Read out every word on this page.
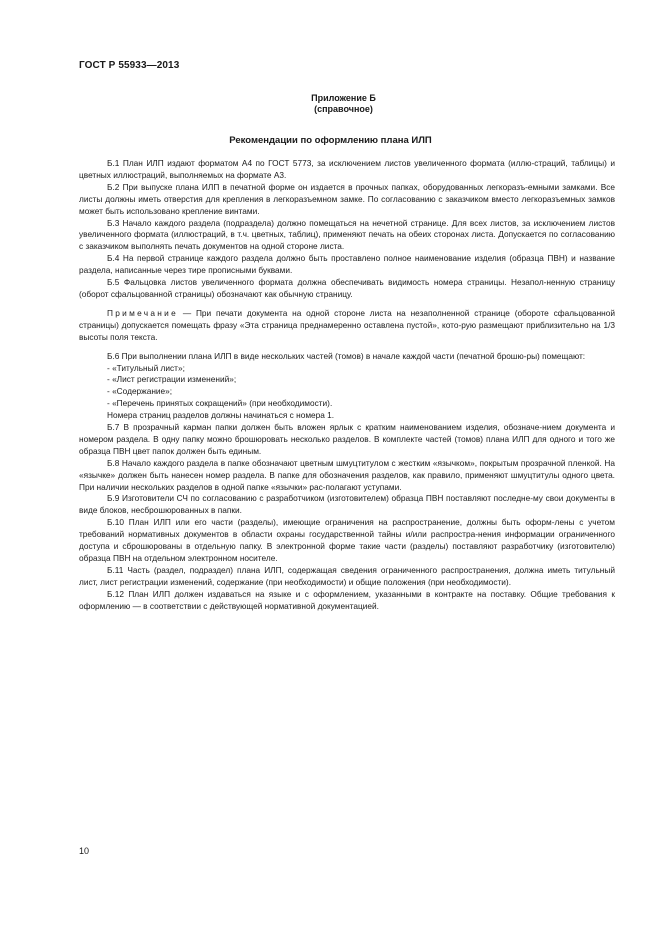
ГОСТ Р 55933—2013
Приложение Б
(справочное)
Рекомендации по оформлению плана ИЛП

Б.1 План ИЛП издают форматом А4 по ГОСТ 5773, за исключением листов увеличенного формата (иллю-страций, таблицы) и цветных иллюстраций, выполняемых на формате А3.

Б.2 При выпуске плана ИЛП в печатной форме он издается в прочных папках, оборудованных легкоразъ-емными замками. Все листы должны иметь отверстия для крепления в легкоразъемном замке. По согласованию с заказчиком вместо легкоразъемных замков может быть использовано крепление винтами.

Б.3 Начало каждого раздела (подраздела) должно помещаться на нечетной странице. Для всех листов, за исключением листов увеличенного формата (иллюстраций, в т.ч. цветных, таблиц), применяют печать на обеих сторонах листа. Допускается по согласованию с заказчиком выполнять печать документов на одной стороне листа.

Б.4 На первой странице каждого раздела должно быть проставлено полное наименование изделия (образца ПВН) и название раздела, написанные через тире прописными буквами.

Б.5 Фальцовка листов увеличенного формата должна обеспечивать видимость номера страницы. Незапол-ненную страницу (оборот сфальцованной страницы) обозначают как обычную страницу.

Примечание — При печати документа на одной стороне листа на незаполненной странице (обороте сфальцованной страницы) допускается помещать фразу «Эта страница преднамеренно оставлена пустой», кото-рую размещают приблизительно на 1/3 высоты поля текста.

Б.6 При выполнении плана ИЛП в виде нескольких частей (томов) в начале каждой части (печатной брошю-ры) помещают:

- «Титульный лист»;

- «Лист регистрации изменений»;

- «Содержание»;

- «Перечень принятых сокращений» (при необходимости).

Номера страниц разделов должны начинаться с номера 1.

Б.7 В прозрачный карман папки должен быть вложен ярлык с кратким наименованием изделия, обозначе-нием документа и номером раздела. В одну папку можно брошюровать несколько разделов. В комплекте частей (томов) плана ИЛП для одного и того же образца ПВН цвет папок должен быть единым.

Б.8 Начало каждого раздела в папке обозначают цветным шмуцтитулом с жестким «язычком», покрытым прозрачной пленкой. На «язычке» должен быть нанесен номер раздела. В папке для обозначения разделов, как правило, применяют шмуцтитулы одного цвета. При наличии нескольких разделов в одной папке «язычки» рас-полагают уступами.

Б.9 Изготовители СЧ по согласованию с разработчиком (изготовителем) образца ПВН поставляют последне-му свои документы в виде блоков, несброшюрованных в папки.

Б.10 План ИЛП или его части (разделы), имеющие ограничения на распространение, должны быть оформ-лены с учетом требований нормативных документов в области охраны государственной тайны и/или распростра-нения информации ограниченного доступа и сброшюрованы в отдельную папку. В электронной форме такие части (разделы) поставляют разработчику (изготовителю) образца ПВН на отдельном электронном носителе.

Б.11 Часть (раздел, подраздел) плана ИЛП, содержащая сведения ограниченного распространения, должна иметь титульный лист, лист регистрации изменений, содержание (при необходимости) и общие положения (при необходимости).

Б.12 План ИЛП должен издаваться на языке и с оформлением, указанными в контракте на поставку. Общие требования к оформлению — в соответствии с действующей нормативной документацией.

10
